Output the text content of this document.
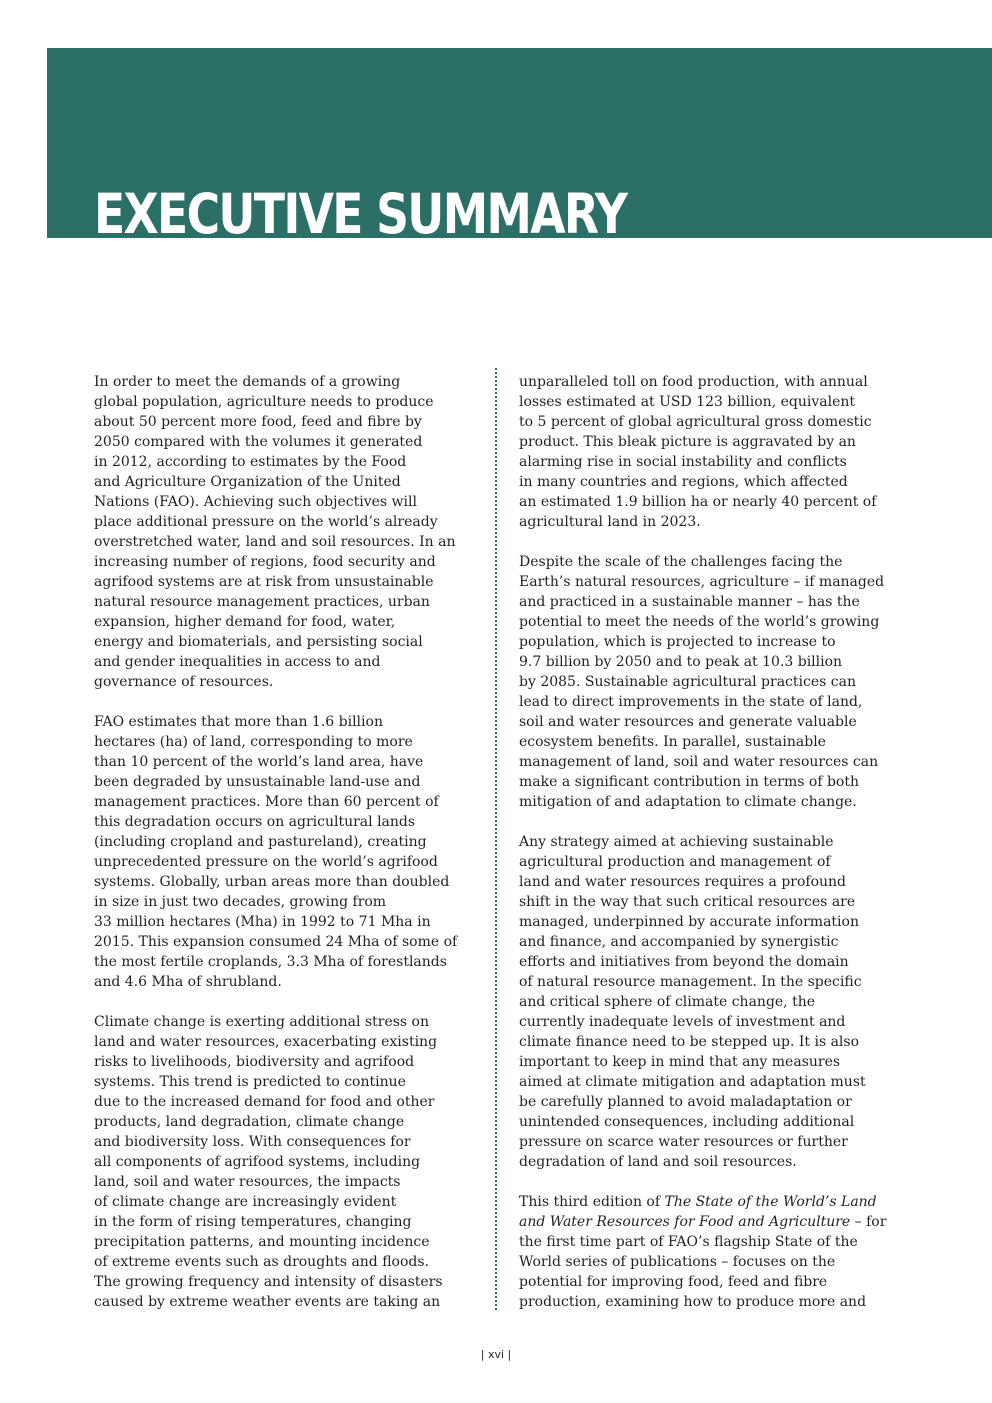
EXECUTIVE SUMMARY

In order to meet the demands of a growing
global population, agriculture needs to produce
about 50 percent more food, feed and fibre by
2050 compared with the volumes it generated
in 2012, according to estimates by the Food
and Agriculture Organization of the United
Nations (FAO). Achieving such objectives will
place additional pressure on the world’s already
overstretched water, land and soil resources. In an
increasing number of regions, food security and
agrifood systems are at risk from unsustainable
natural resource management practices, urban
expansion, higher demand for food, water,
energy and biomaterials, and persisting social
and gender inequalities in access to and
governance of resources.

FAO estimates that more than 1.6 billion
hectares (ha) of land, corresponding to more
than 10 percent of the world’s land area, have
been degraded by unsustainable land-use and
management practices. More than 60 percent of
this degradation occurs on agricultural lands
(including cropland and pastureland), creating
unprecedented pressure on the world’s agrifood
systems. Globally, urban areas more than doubled
in size in just two decades, growing from
33 million hectares (Mha) in 1992 to 71 Mha in
2015. This expansion consumed 24 Mha of some of
the most fertile croplands, 3.3 Mha of forestlands
and 4.6 Mha of shrubland.

Climate change is exerting additional stress on
land and water resources, exacerbating existing
risks to livelihoods, biodiversity and agrifood
systems. This trend is predicted to continue
due to the increased demand for food and other
products, land degradation, climate change
and biodiversity loss. With consequences for
all components of agrifood systems, including
land, soil and water resources, the impacts
of climate change are increasingly evident
in the form of rising temperatures, changing
precipitation patterns, and mounting incidence
of extreme events such as droughts and floods.
The growing frequency and intensity of disasters
caused by extreme weather events are taking an

unparalleled toll on food production, with annual
losses estimated at USD 123 billion, equivalent
to 5 percent of global agricultural gross domestic
product. This bleak picture is aggravated by an
alarming rise in social instability and conflicts
in many countries and regions, which affected
an estimated 1.9 billion ha or nearly 40 percent of
agricultural land in 2023.

Despite the scale of the challenges facing the
Earth’s natural resources, agriculture – if managed
and practiced in a sustainable manner – has the
potential to meet the needs of the world’s growing
population, which is projected to increase to
9.7 billion by 2050 and to peak at 10.3 billion
by 2085. Sustainable agricultural practices can
lead to direct improvements in the state of land,
soil and water resources and generate valuable
ecosystem benefits. In parallel, sustainable
management of land, soil and water resources can
make a significant contribution in terms of both
mitigation of and adaptation to climate change.

Any strategy aimed at achieving sustainable
agricultural production and management of
land and water resources requires a profound
shift in the way that such critical resources are
managed, underpinned by accurate information
and finance, and accompanied by synergistic
efforts and initiatives from beyond the domain
of natural resource management. In the specific
and critical sphere of climate change, the
currently inadequate levels of investment and
climate finance need to be stepped up. It is also
important to keep in mind that any measures
aimed at climate mitigation and adaptation must
be carefully planned to avoid maladaptation or
unintended consequences, including additional
pressure on scarce water resources or further
degradation of land and soil resources.

This third edition of The State of the World’s Land
and Water Resources for Food and Agriculture – for
the first time part of FAO’s flagship State of the
World series of publications – focuses on the
potential for improving food, feed and fibre
production, examining how to produce more and

| xvi |
